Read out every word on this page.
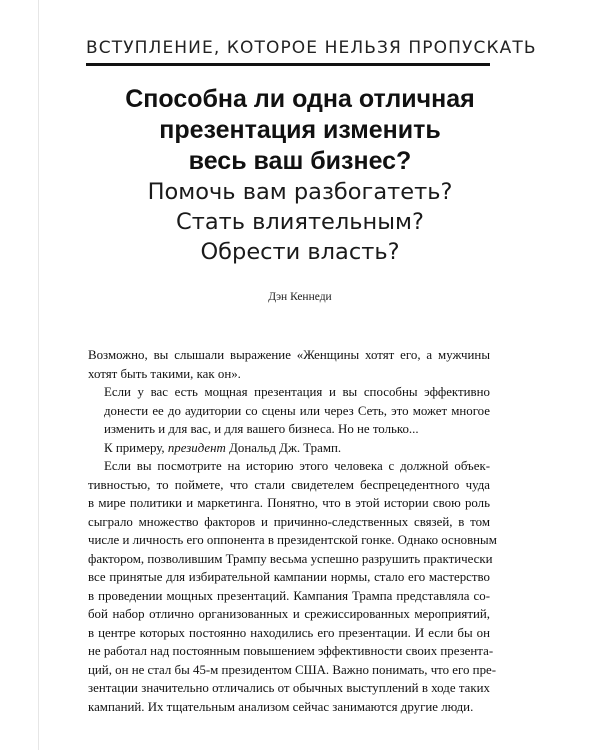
ВСТУПЛЕНИЕ, КОТОРОЕ НЕЛЬЗЯ ПРОПУСКАТЬ

Способна ли одна отличная

презентация изменить

весь ваш бизнес?

Помочь вам разбогатеть?

Стать влиятельным?

Обрести власть?

Дэн Кеннеди

Возможно, вы слышали выражение «Женщины хотят его, а мужчины
хотят быть такими, как он».

Если у вас есть мощная презентация и вы способны эффективно
донести ее до аудитории со сцены или через Сеть, это может многое
изменить и для вас, и для вашего бизнеса. Но не только...

К примеру, президент Дональд Дж. Трамп.

Если вы посмотрите на историю этого человека с должной объек-
тивностью, то поймете, что стали свидетелем беспрецедентного чуда
в мире политики и маркетинга. Понятно, что в этой истории свою роль
сыграло множество факторов и причинно-следственных связей, в том
числе и личность его оппонента в президентской гонке. Однако основным
фактором, позволившим Трампу весьма успешно разрушить практически
все принятые для избирательной кампании нормы, стало его мастерство
в проведении мощных презентаций. Кампания Трампа представляла со-
бой набор отлично организованных и срежиссированных мероприятий,
в центре которых постоянно находились его презентации. И если бы он
не работал над постоянным повышением эффективности своих презента-
ций, он не стал бы 45-м президентом США. Важно понимать, что его пре-
зентации значительно отличались от обычных выступлений в ходе таких
кампаний. Их тщательным анализом сейчас занимаются другие люди.
